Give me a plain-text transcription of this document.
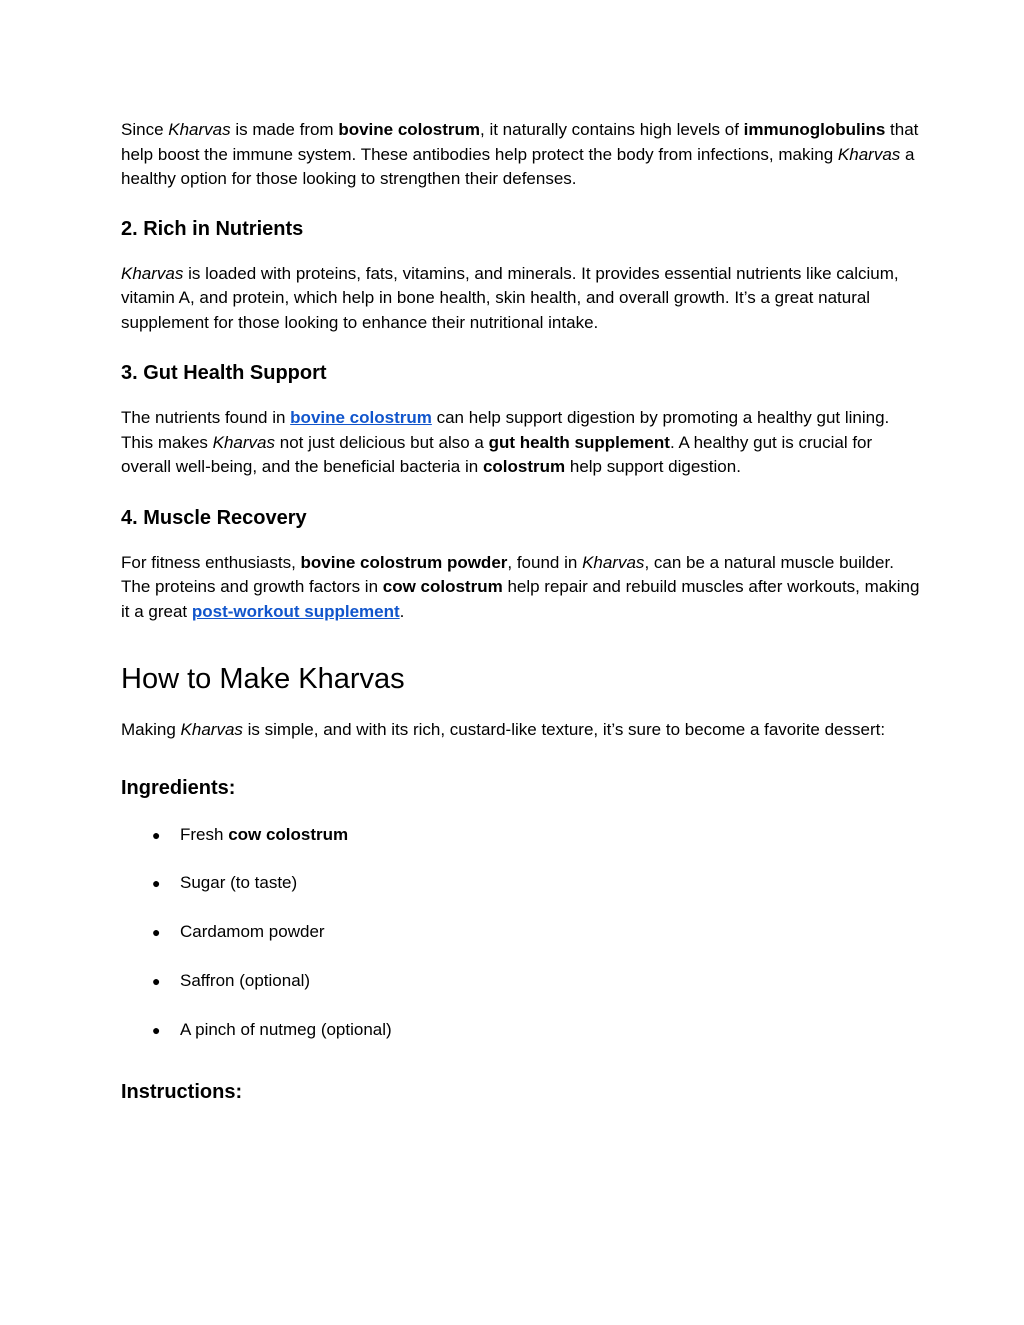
Since Kharvas is made from bovine colostrum, it naturally contains high levels of immunoglobulins that help boost the immune system. These antibodies help protect the body from infections, making Kharvas a healthy option for those looking to strengthen their defenses.

2. Rich in Nutrients

Kharvas is loaded with proteins, fats, vitamins, and minerals. It provides essential nutrients like calcium, vitamin A, and protein, which help in bone health, skin health, and overall growth. It’s a great natural supplement for those looking to enhance their nutritional intake.

3. Gut Health Support

The nutrients found in bovine colostrum can help support digestion by promoting a healthy gut lining. This makes Kharvas not just delicious but also a gut health supplement. A healthy gut is crucial for overall well-being, and the beneficial bacteria in colostrum help support digestion.

4. Muscle Recovery

For fitness enthusiasts, bovine colostrum powder, found in Kharvas, can be a natural muscle builder. The proteins and growth factors in cow colostrum help repair and rebuild muscles after workouts, making it a great post-workout supplement.

How to Make Kharvas

Making Kharvas is simple, and with its rich, custard-like texture, it’s sure to become a favorite dessert:

Ingredients:
● Fresh cow colostrum
● Sugar (to taste)
● Cardamom powder
● Saffron (optional)
● A pinch of nutmeg (optional)
Instructions:
